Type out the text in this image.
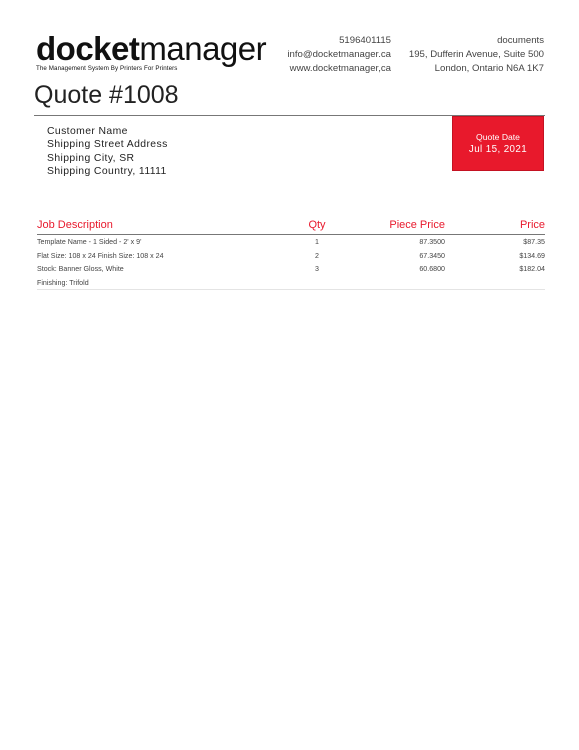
docketmanager
The Management System By Printers For Printers
5196401115
info@docketmanager.ca
www.docketmanager,ca
documents
195, Dufferin Avenue, Suite 500
London, Ontario N6A 1K7
Quote #1008
Customer Name
Shipping Street Address
Shipping City, SR
Shipping Country, 11111
Quote Date
Jul 15, 2021
Job Description	Qty	Piece Price	Price
Template Name - 1 Sided - 2' x 9'	1	87.3500	$87.35
Flat Size: 108 x 24 Finish Size: 108 x 24	2	67.3450	$134.69
Stock: Banner Gloss, White	3	60.6800	$182.04
Finishing: Trifold
